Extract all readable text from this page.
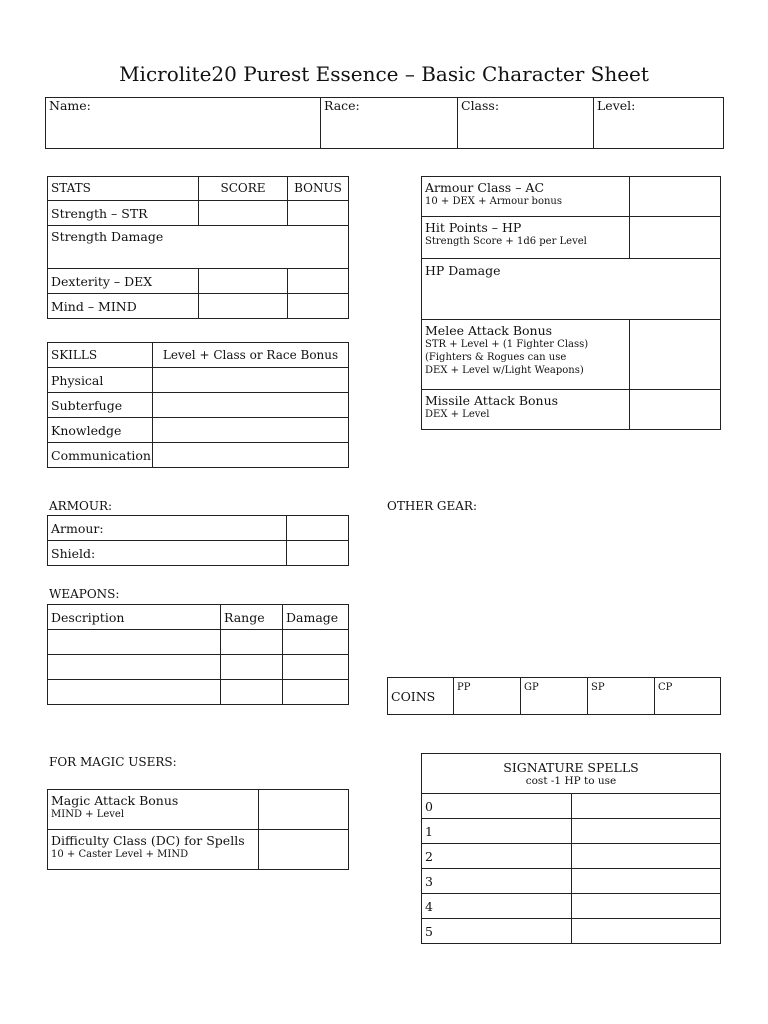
Microlite20 Purest Essence – Basic Character Sheet
Name:	Race:	Class:	Level:
STATS	SCORE	BONUS
Strength – STR		
Strength Damage		
Dexterity – DEX		
Mind – MIND		
SKILLS	Level + Class or Race Bonus
Physical	
Subterfuge	
Knowledge	
Communication	
Armour Class – AC
10 + DEX + Armour bonus	

Hit Points – HP
Strength Score + 1d6 per Level	

HP Damage	
Melee Attack Bonus
STR + Level + (1 Fighter Class)
(Fighters & Rogues can use
DEX + Level w/Light Weapons)	

Missile Attack Bonus
DEX + Level	

ARMOUR:	OTHER GEAR:
Armour:	
Shield:	
WEAPONS:
Description	Range	Damage

COINS	PP	GP	SP	CP
FOR MAGIC USERS:
Magic Attack Bonus
MIND + Level	

Difficulty Class (DC) for Spells
10 + Caster Level + MIND	

SIGNATURE SPELLS
cost -1 HP to use	

0	
1	
2	
3	
4	
5	
